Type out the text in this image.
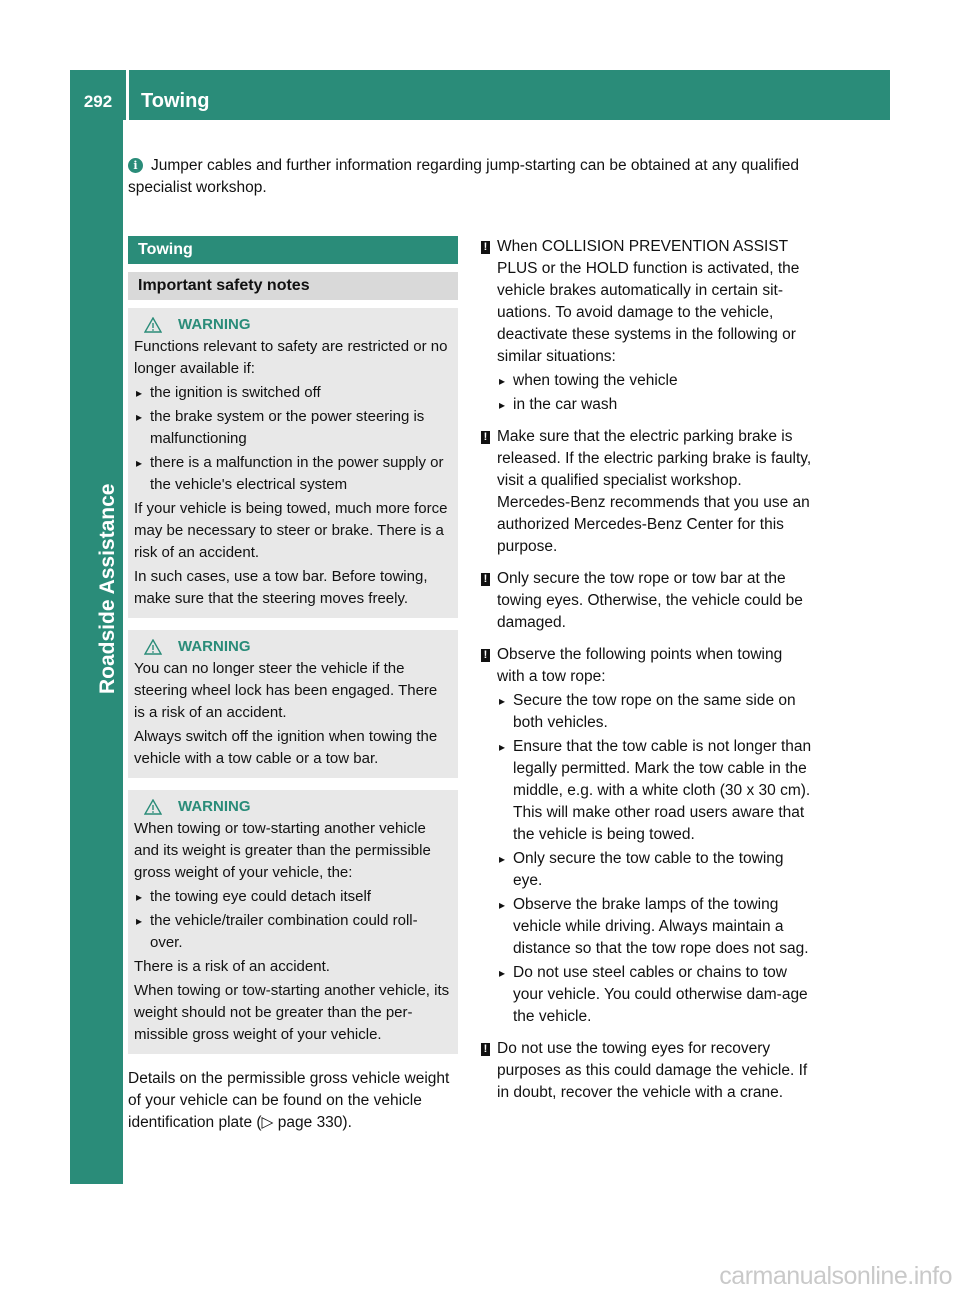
292	Towing
Roadside Assistance
i Jumper cables and further information regarding jump-starting can be obtained at any qualified specialist workshop.
Towing
Important safety notes
WARNING

Functions relevant to safety are restricted or no longer available if:

▸ the ignition is switched off
▸ the brake system or the power steering is malfunctioning
▸ there is a malfunction in the power supply or the vehicle's electrical system

If your vehicle is being towed, much more force may be necessary to steer or brake. There is a risk of an accident.

In such cases, use a tow bar. Before towing, make sure that the steering moves freely.

WARNING

You can no longer steer the vehicle if the steering wheel lock has been engaged. There is a risk of an accident.

Always switch off the ignition when towing the vehicle with a tow cable or a tow bar.

WARNING

When towing or tow-starting another vehicle and its weight is greater than the permissible gross weight of your vehicle, the:

▸ the towing eye could detach itself
▸ the vehicle/trailer combination could roll-over.

There is a risk of an accident.

When towing or tow-starting another vehicle, its weight should not be greater than the per-missible gross weight of your vehicle.

Details on the permissible gross vehicle weight of your vehicle can be found on the vehicle identification plate (▷ page 330).

! When COLLISION PREVENTION ASSIST PLUS or the HOLD function is activated, the vehicle brakes automatically in certain sit-uations. To avoid damage to the vehicle, deactivate these systems in the following or similar situations:
▸ when towing the vehicle
▸ in the car wash
! Make sure that the electric parking brake is released. If the electric parking brake is faulty, visit a qualified specialist workshop. Mercedes-Benz recommends that you use an authorized Mercedes-Benz Center for this purpose.
! Only secure the tow rope or tow bar at the towing eyes. Otherwise, the vehicle could be damaged.
! Observe the following points when towing with a tow rope:
▸ Secure the tow rope on the same side on both vehicles.
▸ Ensure that the tow cable is not longer than legally permitted. Mark the tow cable in the middle, e.g. with a white cloth (30 x 30 cm). This will make other road users aware that the vehicle is being towed.
▸ Only secure the tow cable to the towing eye.
▸ Observe the brake lamps of the towing vehicle while driving. Always maintain a distance so that the tow rope does not sag.
▸ Do not use steel cables or chains to tow your vehicle. You could otherwise dam-age the vehicle.
! Do not use the towing eyes for recovery purposes as this could damage the vehicle. If in doubt, recover the vehicle with a crane.
carmanualsonline.info
